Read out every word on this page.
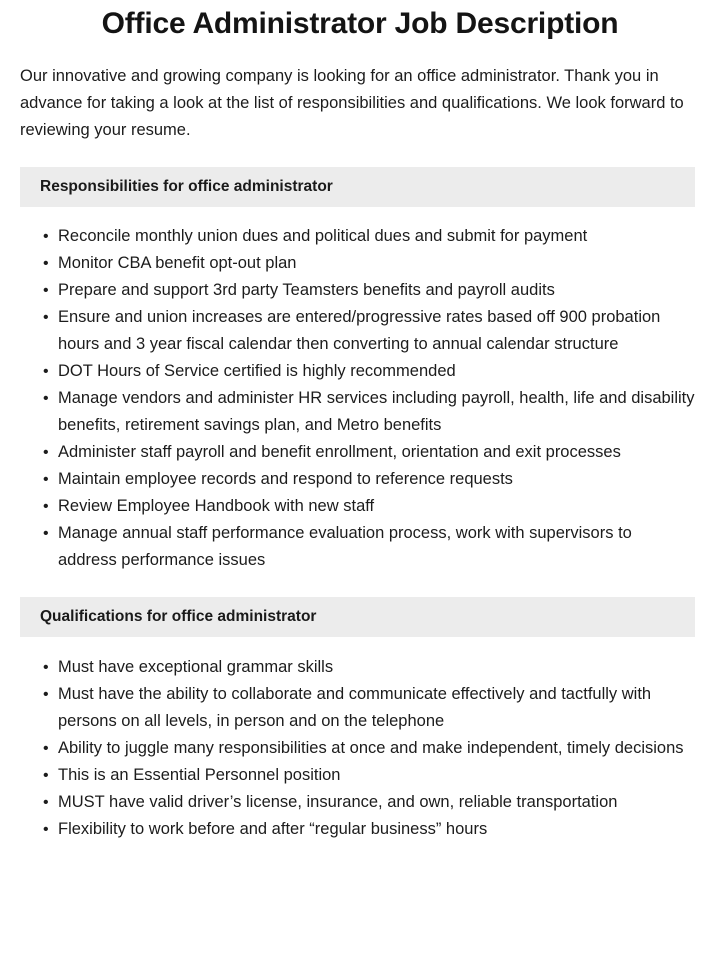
Office Administrator Job Description

Our innovative and growing company is looking for an office administrator. Thank you in advance for taking a look at the list of responsibilities and qualifications. We look forward to reviewing your resume.

Responsibilities for office administrator
• Reconcile monthly union dues and political dues and submit for payment
• Monitor CBA benefit opt-out plan
• Prepare and support 3rd party Teamsters benefits and payroll audits
• Ensure and union increases are entered/progressive rates based off 900 probation hours and 3 year fiscal calendar then converting to annual calendar structure
• DOT Hours of Service certified is highly recommended
• Manage vendors and administer HR services including payroll, health, life and disability benefits, retirement savings plan, and Metro benefits
• Administer staff payroll and benefit enrollment, orientation and exit processes
• Maintain employee records and respond to reference requests
• Review Employee Handbook with new staff
• Manage annual staff performance evaluation process, work with supervisors to address performance issues
Qualifications for office administrator
• Must have exceptional grammar skills
• Must have the ability to collaborate and communicate effectively and tactfully with persons on all levels, in person and on the telephone
• Ability to juggle many responsibilities at once and make independent, timely decisions
• This is an Essential Personnel position
• MUST have valid driver’s license, insurance, and own, reliable transportation
• Flexibility to work before and after “regular business” hours
